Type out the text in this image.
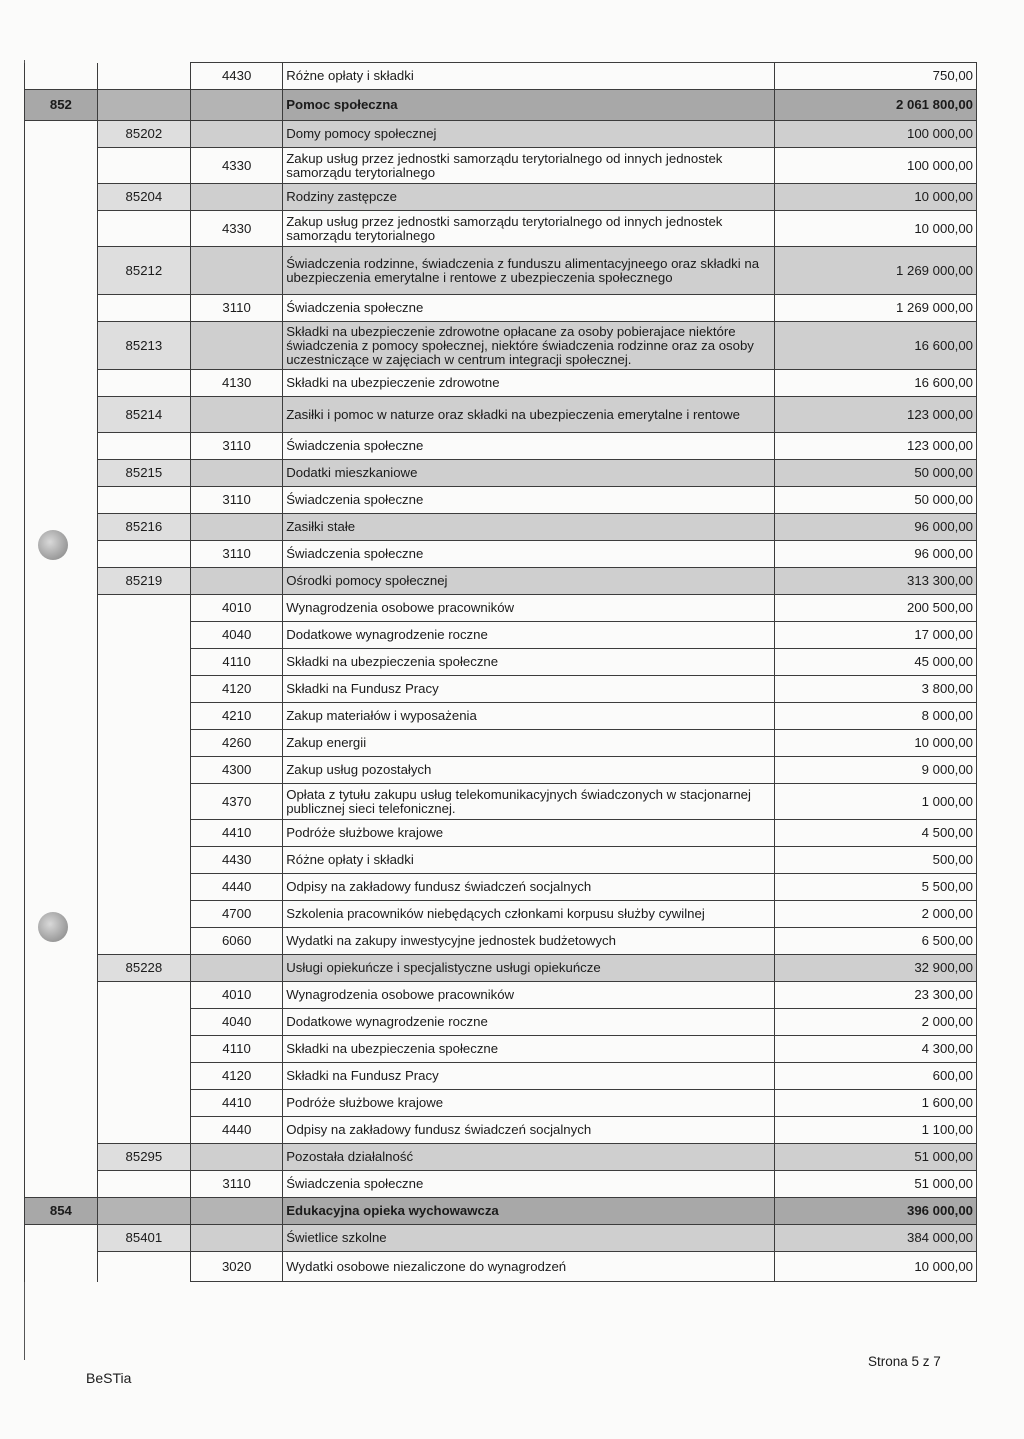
		4430	Różne opłaty i składki	750,00
852			Pomoc społeczna	2 061 800,00
	85202		Domy pomocy społecznej	100 000,00
		4330	Zakup usług przez jednostki samorządu terytorialnego od innych jednostek samorządu terytorialnego	100 000,00
	85204		Rodziny zastępcze	10 000,00
		4330	Zakup usług przez jednostki samorządu terytorialnego od innych jednostek samorządu terytorialnego	10 000,00
	85212		Świadczenia rodzinne, świadczenia z funduszu alimentacyjneego oraz składki na ubezpieczenia emerytalne i rentowe z ubezpieczenia społecznego	1 269 000,00
		3110	Świadczenia społeczne	1 269 000,00
	85213		Składki na ubezpieczenie zdrowotne opłacane za osoby pobierajace niektóre świadczenia z pomocy społecznej, niektóre świadczenia rodzinne oraz za osoby uczestniczące w zajęciach w centrum integracji społecznej.	16 600,00
		4130	Składki na ubezpieczenie zdrowotne	16 600,00
	85214		Zasiłki i pomoc w naturze oraz składki na ubezpieczenia emerytalne i rentowe	123 000,00
		3110	Świadczenia społeczne	123 000,00
	85215		Dodatki mieszkaniowe	50 000,00
		3110	Świadczenia społeczne	50 000,00
	85216		Zasiłki stałe	96 000,00
		3110	Świadczenia społeczne	96 000,00
	85219		Ośrodki pomocy społecznej	313 300,00
		4010	Wynagrodzenia osobowe pracowników	200 500,00
		4040	Dodatkowe wynagrodzenie roczne	17 000,00
		4110	Składki na ubezpieczenia społeczne	45 000,00
		4120	Składki na Fundusz Pracy	3 800,00
		4210	Zakup materiałów i wyposażenia	8 000,00
		4260	Zakup energii	10 000,00
		4300	Zakup usług pozostałych	9 000,00
		4370	Opłata z tytułu zakupu usług telekomunikacyjnych świadczonych w stacjonarnej publicznej sieci telefonicznej.	1 000,00
		4410	Podróże służbowe krajowe	4 500,00
		4430	Różne opłaty i składki	500,00
		4440	Odpisy na zakładowy fundusz świadczeń socjalnych	5 500,00
		4700	Szkolenia pracowników niebędących członkami korpusu służby cywilnej	2 000,00
		6060	Wydatki na zakupy inwestycyjne jednostek budżetowych	6 500,00
	85228		Usługi opiekuńcze i specjalistyczne usługi opiekuńcze	32 900,00
		4010	Wynagrodzenia osobowe pracowników	23 300,00
		4040	Dodatkowe wynagrodzenie roczne	2 000,00
		4110	Składki na ubezpieczenia społeczne	4 300,00
		4120	Składki na Fundusz Pracy	600,00
		4410	Podróże służbowe krajowe	1 600,00
		4440	Odpisy na zakładowy fundusz świadczeń socjalnych	1 100,00
	85295		Pozostała działalność	51 000,00
		3110	Świadczenia społeczne	51 000,00
854			Edukacyjna opieka wychowawcza	396 000,00
	85401		Świetlice szkolne	384 000,00
		3020	Wydatki osobowe niezaliczone do wynagrodzeń	10 000,00
BeSTia
Strona 5 z 7
